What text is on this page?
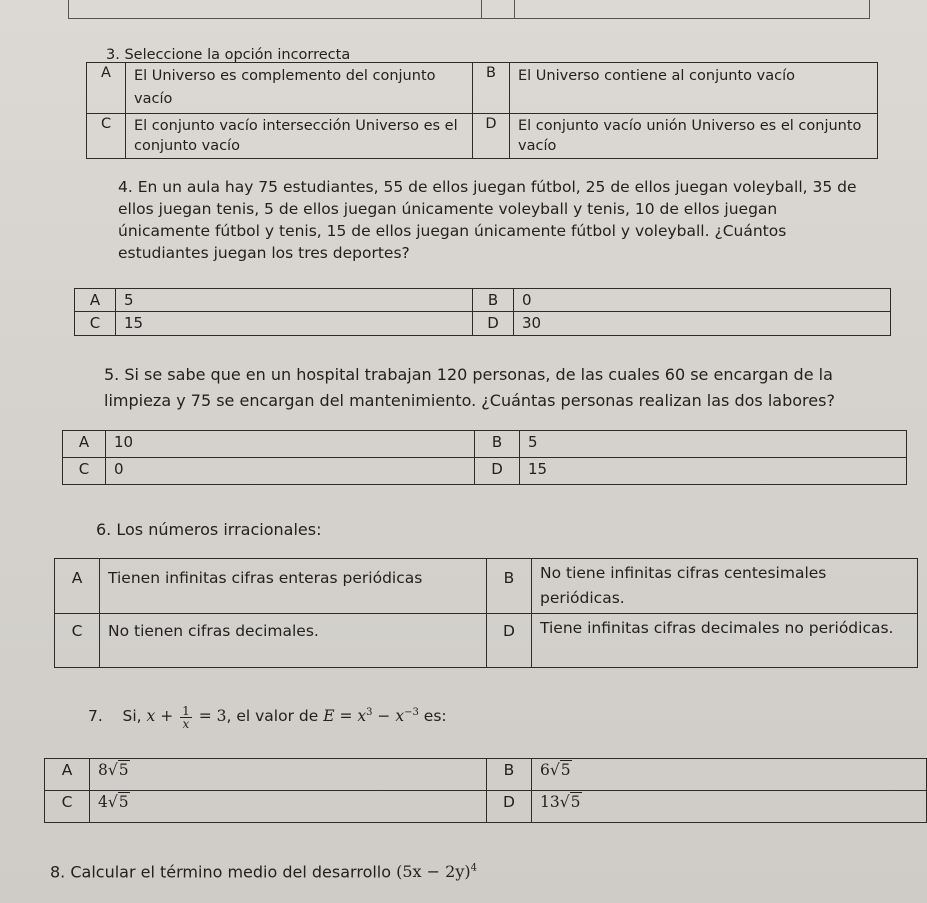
3. Seleccione la opción incorrecta
A	El Universo es complemento del conjunto vacío	B	El Universo contiene al conjunto vacío
C	El conjunto vacío intersección Universo es el conjunto vacío	D	El conjunto vacío unión Universo es el conjunto vacío
4. En un aula hay 75 estudiantes, 55 de ellos juegan fútbol, 25 de ellos juegan voleyball, 35 de ellos juegan tenis, 5 de ellos juegan únicamente voleyball y tenis, 10 de ellos juegan únicamente fútbol y tenis, 15 de ellos juegan únicamente fútbol y voleyball. ¿Cuántos estudiantes juegan los tres deportes?
A	5	B	0
C	15	D	30
5. Si se sabe que en un hospital trabajan 120 personas, de las cuales 60 se encargan de la limpieza y 75 se encargan del mantenimiento. ¿Cuántas personas realizan las dos labores?
A	10	B	5
C	0	D	15
6. Los números irracionales:
A	Tienen infinitas cifras enteras periódicas	B	No tiene infinitas cifras centesimales periódicas.
C	No tienen cifras decimales.	D	Tiene infinitas cifras decimales no periódicas.
7. Si, $x + \frac{1}{x} = 3$, el valor de $E = x^3 - x^{-3}$ es:
A	8√5	B	6√5
C	4√5	D	13√5
8. Calcular el término medio del desarrollo $(5x - 2y)^4$
